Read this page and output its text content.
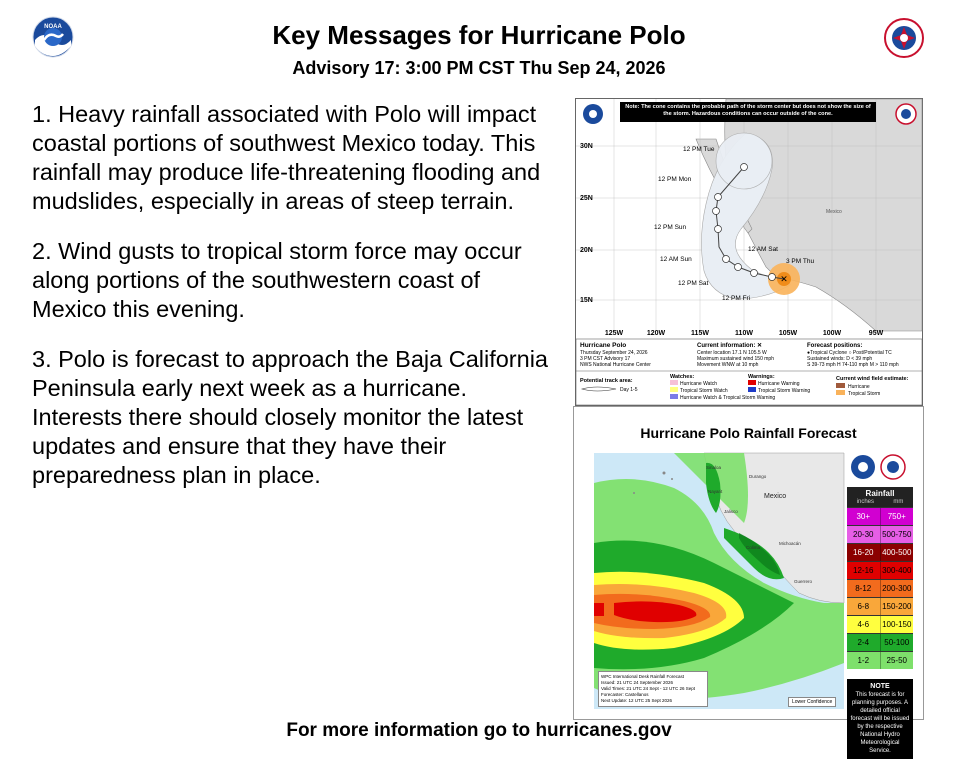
NOAA	Key Messages for Hurricane Polo
Advisory 17: 3:00 PM CST Thu Sep 24, 2026

1. Heavy rainfall associated with Polo will impact coastal portions of southwest Mexico today. This rainfall may produce life-threatening flooding and mudslides, especially in areas of steep terrain.

2. Wind gusts to tropical storm force may occur along portions of the southwestern coast of Mexico this evening.

3. Polo is forecast to approach the Baja California Peninsula early next week as a hurricane. Interests there should closely monitor the latest updates and ensure that they have their preparedness plan in place.

✕
Note: The cone contains the probable path of the storm center but does not show the size of the storm. Hazardous conditions can occur outside of the cone.
30N
25N
20N
15N
125W	120W	115W	110W	105W	100W	95W
Mexico
12 PM Tue
12 PM Mon
12 PM Sun
12 AM Sun
12 AM Sat
3 PM Thu
12 PM Sat
12 PM Fri
Hurricane Polo
Thursday September 24, 2026
3 PM CST Advisory 17
NWS National Hurricane Center
Current information: ✕
Center location 17.1 N 105.5 W
Maximum sustained wind 150 mph
Movement WNW at 10 mph
Forecast positions:
●Tropical Cyclone ○ Post/Potential TC
Sustained winds: D < 39 mph
S 39-73 mph H 74-110 mph M > 110 mph
Potential track area:
Day 1-5
Watches:
Hurricane Watch
Tropical Storm Watch
Hurricane Watch & Tropical Storm Warning
Warnings:
Hurricane Warning
Tropical Storm Warning
Current wind field estimate:
Hurricane
Tropical Storm
Hurricane Polo Rainfall Forecast
Mexico
Sinaloa
Durango
Nayarit
Jalisco
Colima
Michoacán
Guerrero
Rainfall
inches	mm
30+	750+
20-30	500-750
16-20	400-500
12-16	300-400
8-12	200-300
6-8	150-200
4-6	100-150
2-4	50-100
1-2	25-50
NOTE
This forecast is for planning purposes. A detailed official forecast will be issued by the respective National Hydro Meteorological Service.
WPC International Desk Rainfall Forecast
Issued: 21 UTC 24 September 2026
Valid Times: 21 UTC 24 Sept - 12 UTC 26 Sept
Forecaster: Castellanos
Next Update: 12 UTC 25 Sept 2026	Lower Confidence
For more information go to hurricanes.gov
